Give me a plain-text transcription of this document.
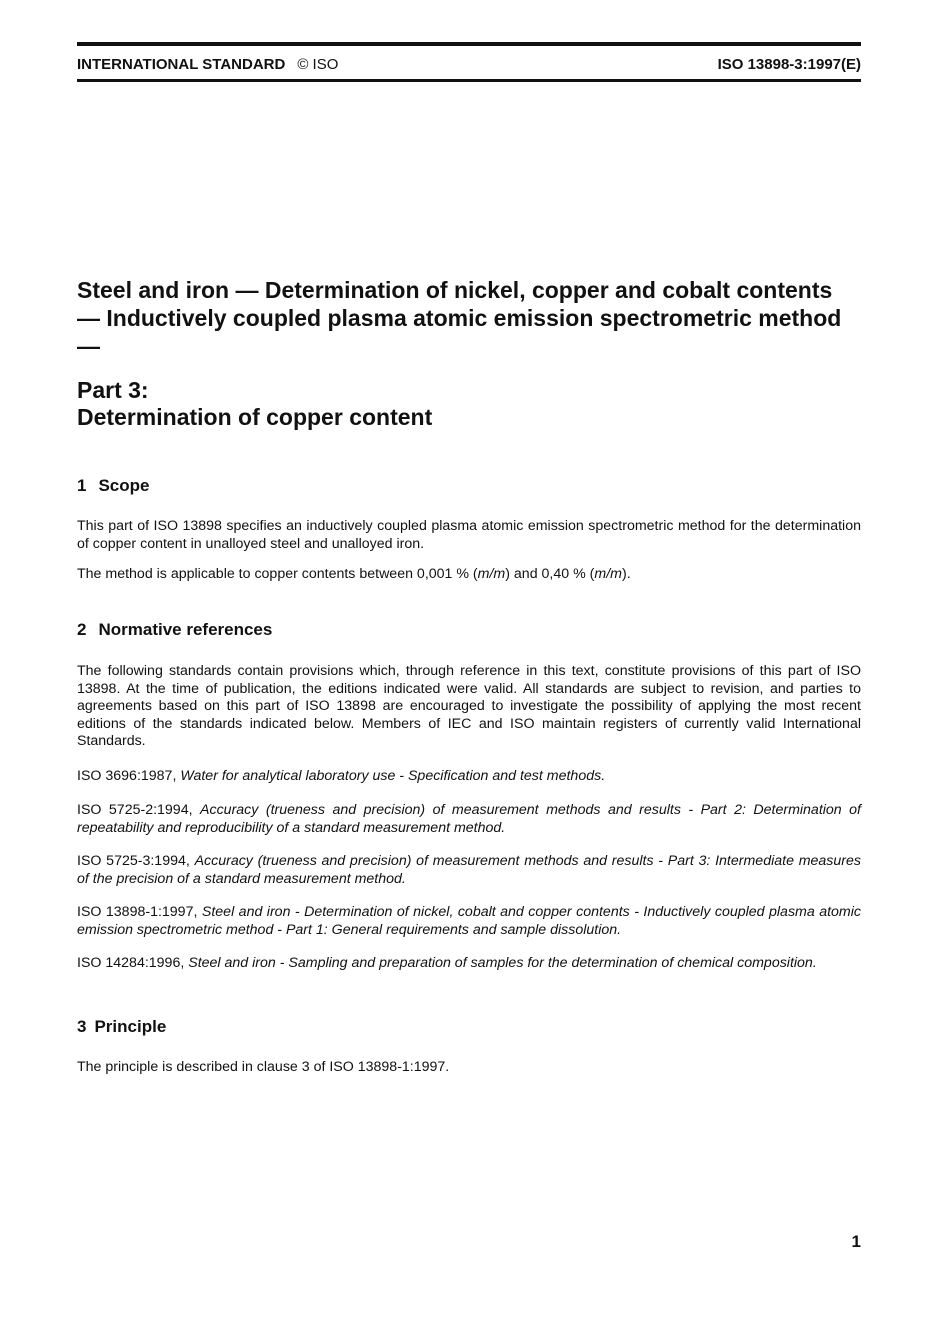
INTERNATIONAL STANDARD © ISO	ISO 13898-3:1997(E)
Steel and iron — Determination of nickel, copper and cobalt contents — Inductively coupled plasma atomic emission spectrometric method —
Part 3:
Determination of copper content
1 Scope

This part of ISO 13898 specifies an inductively coupled plasma atomic emission spectrometric method for the determination of copper content in unalloyed steel and unalloyed iron.

The method is applicable to copper contents between 0,001 % (m/m) and 0,40 % (m/m).

2 Normative references

The following standards contain provisions which, through reference in this text, constitute provisions of this part of ISO 13898. At the time of publication, the editions indicated were valid. All standards are subject to revision, and parties to agreements based on this part of ISO 13898 are encouraged to investigate the possibility of applying the most recent editions of the standards indicated below. Members of IEC and ISO maintain registers of currently valid International Standards.

ISO 3696:1987, Water for analytical laboratory use - Specification and test methods.

ISO 5725-2:1994, Accuracy (trueness and precision) of measurement methods and results - Part 2: Determination of repeatability and reproducibility of a standard measurement method.

ISO 5725-3:1994, Accuracy (trueness and precision) of measurement methods and results - Part 3: Intermediate measures of the precision of a standard measurement method.

ISO 13898-1:1997, Steel and iron - Determination of nickel, cobalt and copper contents - Inductively coupled plasma atomic emission spectrometric method - Part 1: General requirements and sample dissolution.

ISO 14284:1996, Steel and iron - Sampling and preparation of samples for the determination of chemical composition.

3 Principle

The principle is described in clause 3 of ISO 13898-1:1997.

1
